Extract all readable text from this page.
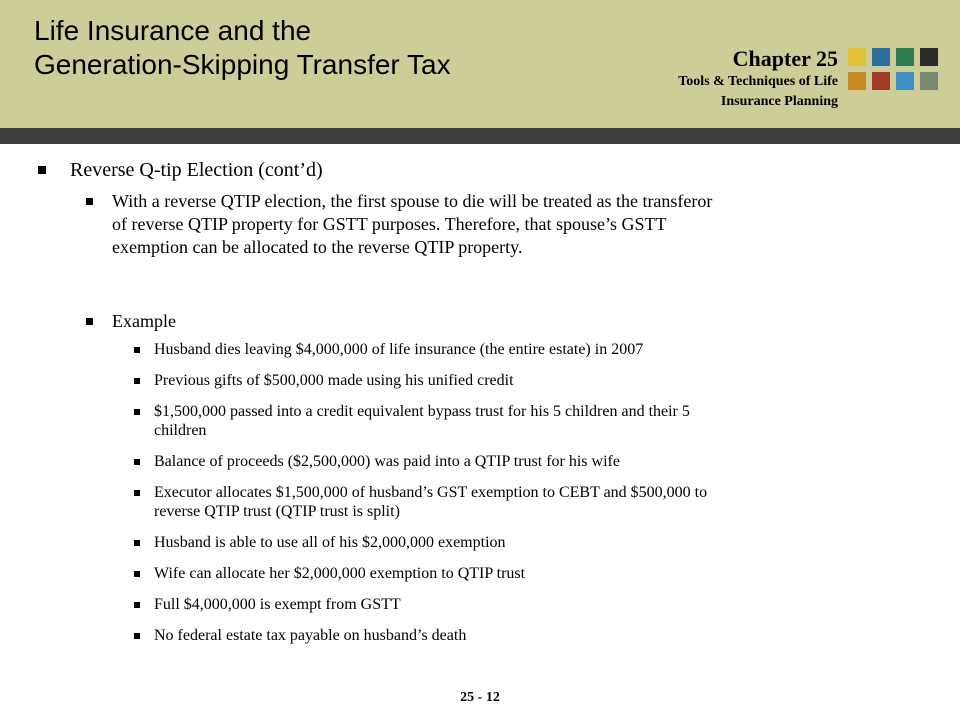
Life Insurance and the
Generation-Skipping Transfer Tax	Chapter 25
Tools & Techniques of Life
Insurance Planning
Reverse Q-tip Election (cont’d)
With a reverse QTIP election, the first spouse to die will be treated as the transferor
of reverse QTIP property for GSTT purposes. Therefore, that spouse’s GSTT
exemption can be allocated to the reverse QTIP property.
Example
Husband dies leaving $4,000,000 of life insurance (the entire estate) in 2007
Previous gifts of $500,000 made using his unified credit
$1,500,000 passed into a credit equivalent bypass trust for his 5 children and their 5
children
Balance of proceeds ($2,500,000) was paid into a QTIP trust for his wife
Executor allocates $1,500,000 of husband’s GST exemption to CEBT and $500,000 to
reverse QTIP trust (QTIP trust is split)
Husband is able to use all of his $2,000,000 exemption
Wife can allocate her $2,000,000 exemption to QTIP trust
Full $4,000,000 is exempt from GSTT
No federal estate tax payable on husband’s death
25 - 12
